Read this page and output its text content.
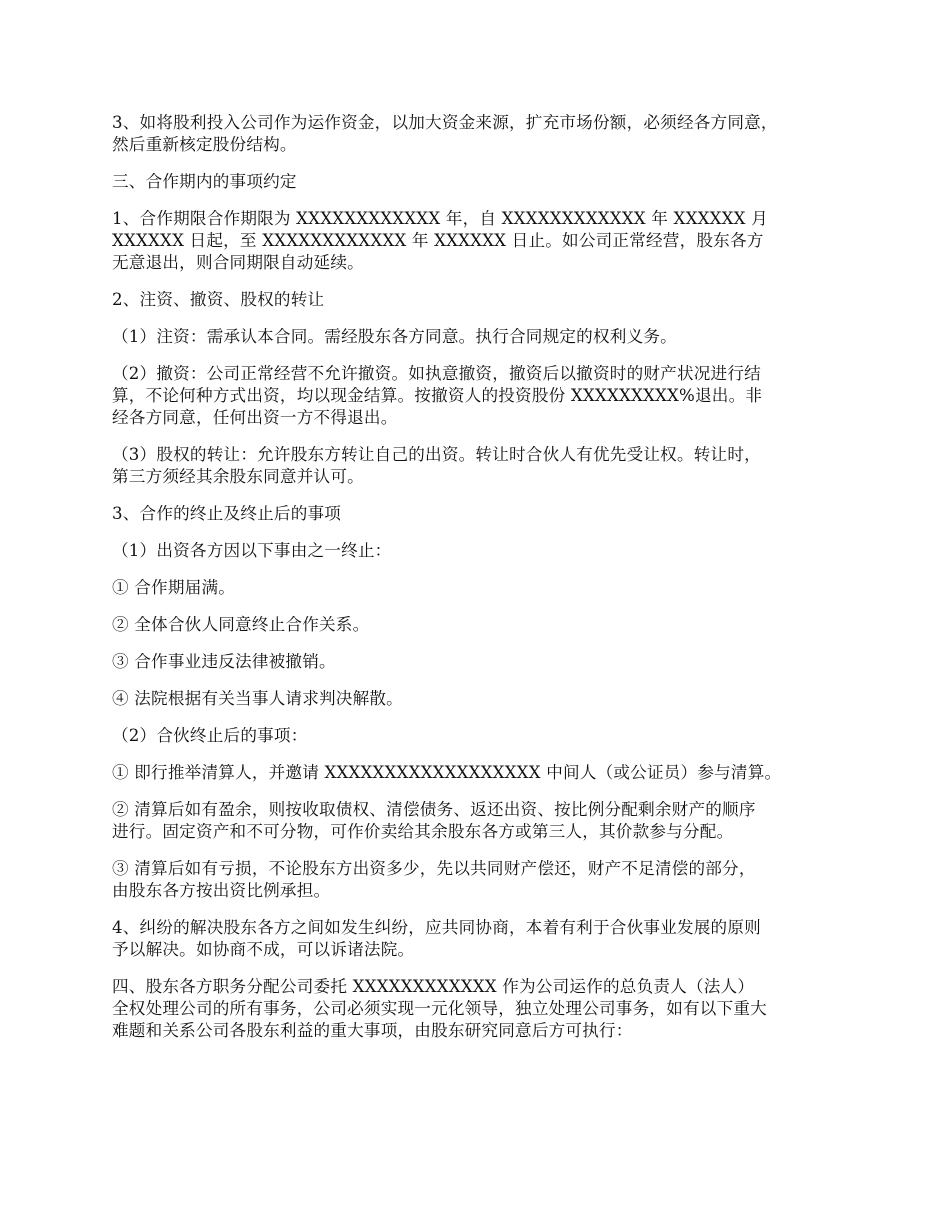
3、如将股利投入公司作为运作资金，以加大资金来源，扩充市场份额，必须经各方同意，
然后重新核定股份结构。

三、合作期内的事项约定

1、合作期限合作期限为 XXXXXXXXXXXX 年，自 XXXXXXXXXXXX 年 XXXXXX 月
XXXXXX 日起，至 XXXXXXXXXXXX 年 XXXXXX 日止。如公司正常经营，股东各方
无意退出，则合同期限自动延续。

2、注资、撤资、股权的转让

（1）注资：需承认本合同。需经股东各方同意。执行合同规定的权利义务。

（2）撤资：公司正常经营不允许撤资。如执意撤资，撤资后以撤资时的财产状况进行结
算，不论何种方式出资，均以现金结算。按撤资人的投资股份 XXXXXXXXX%退出。非
经各方同意，任何出资一方不得退出。

（3）股权的转让：允许股东方转让自己的出资。转让时合伙人有优先受让权。转让时，
第三方须经其余股东同意并认可。

3、合作的终止及终止后的事项

（1）出资各方因以下事由之一终止：

① 合作期届满。

② 全体合伙人同意终止合作关系。

③ 合作事业违反法律被撤销。

④ 法院根据有关当事人请求判决解散。

（2）合伙终止后的事项：

① 即行推举清算人，并邀请 XXXXXXXXXXXXXXXXXX 中间人（或公证员）参与清算。

② 清算后如有盈余，则按收取债权、清偿债务、返还出资、按比例分配剩余财产的顺序
进行。固定资产和不可分物，可作价卖给其余股东各方或第三人，其价款参与分配。

③ 清算后如有亏损，不论股东方出资多少，先以共同财产偿还，财产不足清偿的部分，
由股东各方按出资比例承担。

4、纠纷的解决股东各方之间如发生纠纷，应共同协商，本着有利于合伙事业发展的原则
予以解决。如协商不成，可以诉诸法院。

四、股东各方职务分配公司委托 XXXXXXXXXXXX 作为公司运作的总负责人（法人）
全权处理公司的所有事务，公司必须实现一元化领导，独立处理公司事务，如有以下重大
难题和关系公司各股东利益的重大事项，由股东研究同意后方可执行：
